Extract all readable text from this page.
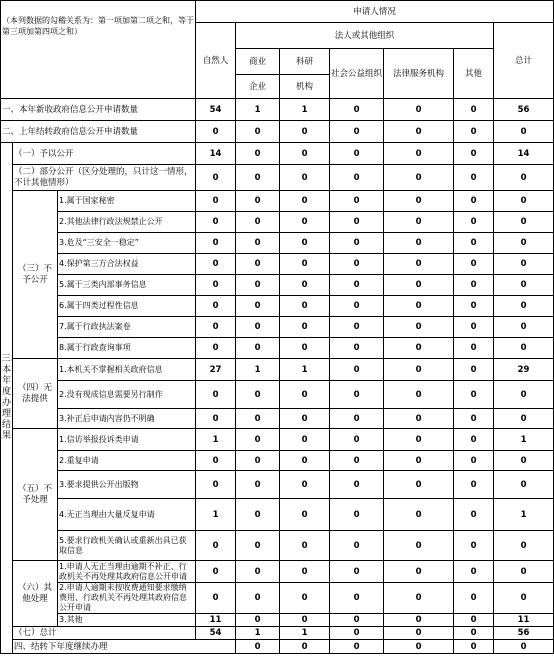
（本列数据的勾稽关系为：第一项加第二项之和，等于第三项加第四项之和）			申请人情况							
			自然人	法人或其他组织					总计	
				商业	科研	社会公益组织	法律服务机构	其他		
				企业	机构					
一、本年新收政府信息公开申请数量			54	1	1	0	0	0	56	
二、上年结转政府信息公开申请数量			0	0	0	0	0	0	0	

三、本年度办理结果	（一）予以公开		14	0	0	0	0	0	14	
	（二）部分公开（区分处理的，只计这一情形，不计其他情形）		0	0	0	0	0	0	0	
	（三）不予公开	1.属于国家秘密	0	0	0	0	0	0	0	
		2.其他法律行政法规禁止公开	0	0	0	0	0	0	0	
		3.危及“三安全一稳定”	0	0	0	0	0	0	0	
		4.保护第三方合法权益	0	0	0	0	0	0	0	
		5.属于三类内部事务信息	0	0	0	0	0	0	0	
		6.属于四类过程性信息	0	0	0	0	0	0	0	
		7.属于行政执法案卷	0	0	0	0	0	0	0	
		8.属于行政查询事项	0	0	0	0	0	0	0	
	（四）无法提供	1.本机关不掌握相关政府信息	27	1	1	0	0	0	29	
		2.没有现成信息需要另行制作	0	0	0	0	0	0	0	
		3.补正后申请内容仍不明确	0	0	0	0	0	0	0	
	（五）不予处理	1.信访举报投诉类申请	1	0	0	0	0	0	1	
		2.重复申请	0	0	0	0	0	0	0	
		3.要求提供公开出版物	0	0	0	0	0	0	0	
		4.无正当理由大量反复申请	1	0	0	0	0	0	1	
		5.要求行政机关确认或重新出具已获取信息	0	0	0	0	0	0	0	
	（六）其他处理	1.申请人无正当理由逾期不补正、行政机关不再处理其政府信息公开申请	0	0	0	0	0	0	0	
		2.申请人逾期未按收费通知要求缴纳费用、行政机关不再处理其政府信息公开申请	0	0	0	0	0	0	0	
		3.其他	11	0	0	0	0	0	11	
	（七）总计		54	1	1	0	0	0	56	
	四、结转下年度继续办理			0	0	0	0	0	0	
